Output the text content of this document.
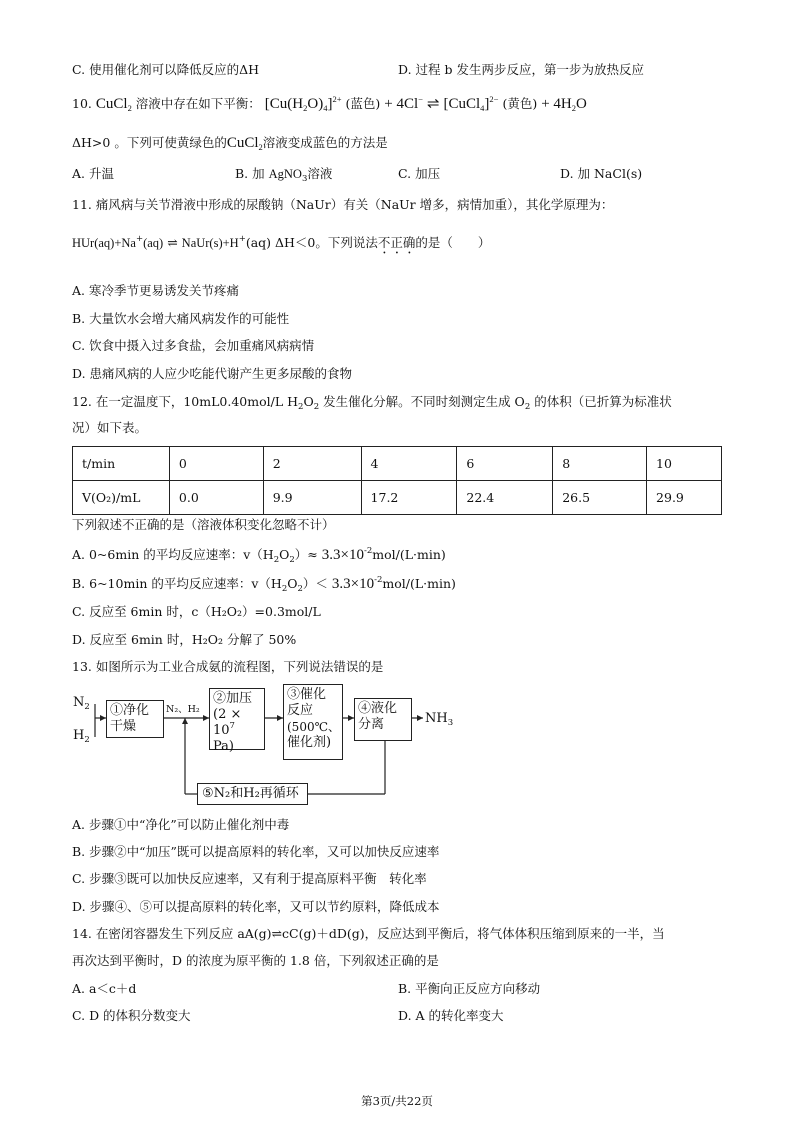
C. 使用催化剂可以降低反应的ΔH	D. 过程 b 发生两步反应，第一步为放热反应
10. CuCl$_2$ 溶液中存在如下平衡： $[Cu(H_2O)_4]^{2+}$ (蓝色) + 4Cl− ⇌ [CuCl$_4$]$^{2-}$ (黄色) + $4H_2O$
ΔH>0 。下列可使黄绿色的CuCl$_2$溶液变成蓝色的方法是
A. 升温	B. 加 AgNO$_3$溶液	C. 加压	D. 加 NaCl(s)
11. 痛风病与关节滑液中形成的尿酸钠（NaUr）有关（NaUr 增多，病情加重），其化学原理为：
HUr(aq)+Na+(aq) ⇌ NaUr(s)+H+(aq) ΔH＜0。下列说法不正确的是（　　）
A. 寒冷季节更易诱发关节疼痛
B. 大量饮水会增大痛风病发作的可能性
C. 饮食中摄入过多食盐，会加重痛风病病情
D. 患痛风病的人应少吃能代谢产生更多尿酸的食物
12. 在一定温度下，10mL0.40mol/L $H_2O_2$ 发生催化分解。不同时刻测定生成 $O_2$ 的体积（已折算为标准状
况）如下表。
t/min	0	2	4	6	8	10
V(O₂)/mL	0.0	9.9	17.2	22.4	26.5	29.9
下列叙述不正确的是（溶液体积变化忽略不计）
A. 0~6min 的平均反应速率：$v(H_2O_2)\approx 3.3\times 10^{-2}mol/(L\cdot\min)$
B. 6~10min 的平均反应速率：$v(H_2O_2)< 3.3\times 10^{-2}mol/(L\cdot\min)$
C. 反应至 6min 时，c（H₂O₂）=0.3mol/L
D. 反应至 6min 时，H₂O₂ 分解了 50%
13. 如图所示为工业合成氨的流程图，下列说法错误的是
$N_2$
$H_2$
①净化干燥
N₂、H₂
②加压
($2 \times 10^7$
Pa)
③催化
反应
(500℃、
催化剂)
④液化
分离	$NH_3$
⑤N₂和H₂再循环
A. 步骤①中“净化”可以防止催化剂中毒
B. 步骤②中“加压”既可以提高原料的转化率，又可以加快反应速率
C. 步骤③既可以加快反应速率，又有利于提高原料平衡　转化率
D. 步骤④、⑤可以提高原料的转化率，又可以节约原料，降低成本
14. 在密闭容器发生下列反应 aA(g)⇌cC(g)＋dD(g)，反应达到平衡后，将气体体积压缩到原来的一半，当
再次达到平衡时，D 的浓度为原平衡的 1.8 倍，下列叙述正确的是
A. a＜c＋d	B. 平衡向正反应方向移动
C. D 的体积分数变大	D. A 的转化率变大
第3页/共22页
